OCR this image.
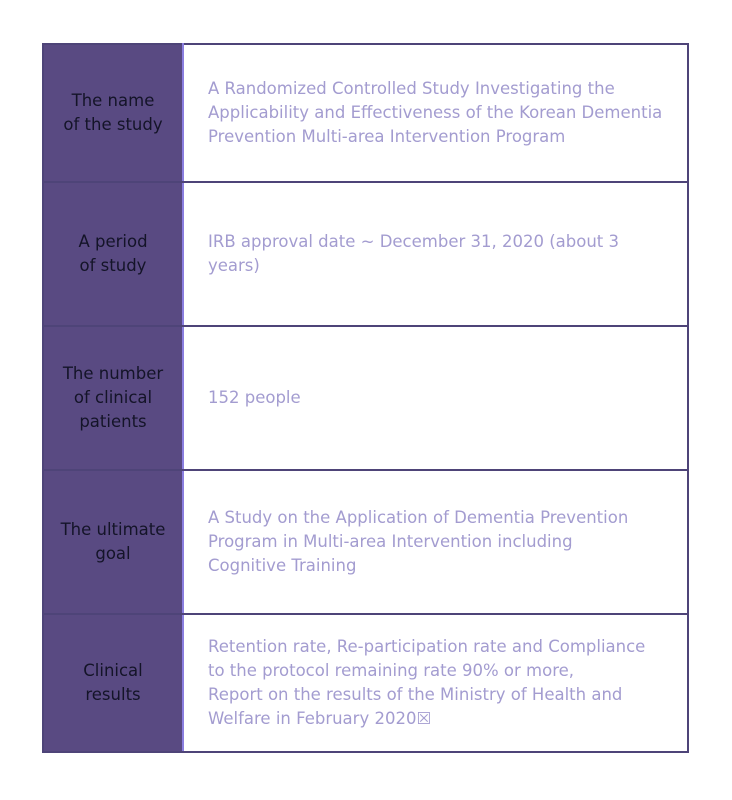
The name
of the study	A Randomized Controlled Study Investigating the
Applicability and Effectiveness of the Korean Dementia
Prevention Multi-area Intervention Program

A period
of study	IRB approval date ~ December 31, 2020 (about 3 years)

The number
of clinical
patients	152 people

The ultimate
goal	A Study on the Application of Dementia Prevention
Program in Multi-area Intervention including
Cognitive Training

Clinical
results	Retention rate, Re-participation rate and Compliance
to the protocol remaining rate 90% or more,
Report on the results of the Ministry of Health and
Welfare in February 2020☒
